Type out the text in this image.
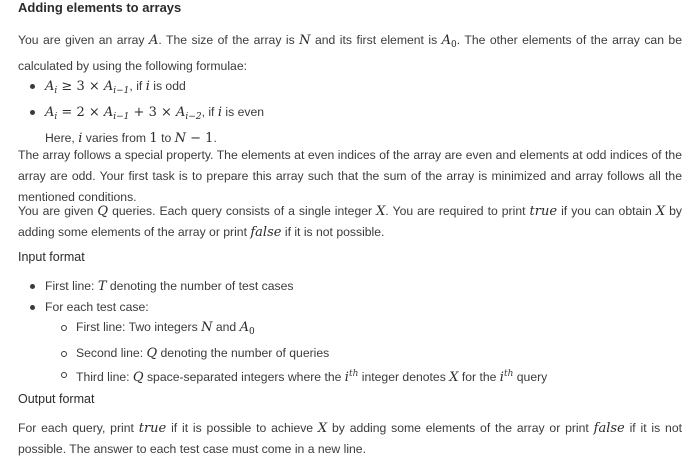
Adding elements to arrays
You are given an array A. The size of the array is N and its first element is $A_0$. The other elements of the array can be calculated by using the following formulae:
$A_i \ge 3 \times A_{i-1}$, if i is odd
$A_i = 2 \times A_{i-1} + 3 \times A_{i-2}$, if i is even
Here, i varies from 1 to N − 1.
The array follows a special property. The elements at even indices of the array are even and elements at odd indices of the array are odd. Your first task is to prepare this array such that the sum of the array is minimized and array follows all the mentioned conditions.
You are given Q queries. Each query consists of a single integer X. You are required to print true if you can obtain X by adding some elements of the array or print false if it is not possible.
Input format
First line: T denoting the number of test cases
For each test case:
First line: Two integers N and $A_0$
Second line: Q denoting the number of queries
Third line: Q space-separated integers where the $i^{th}$ integer denotes X for the $i^{th}$ query
Output format
For each query, print true if it is possible to achieve X by adding some elements of the array or print false if it is not possible. The answer to each test case must come in a new line.
